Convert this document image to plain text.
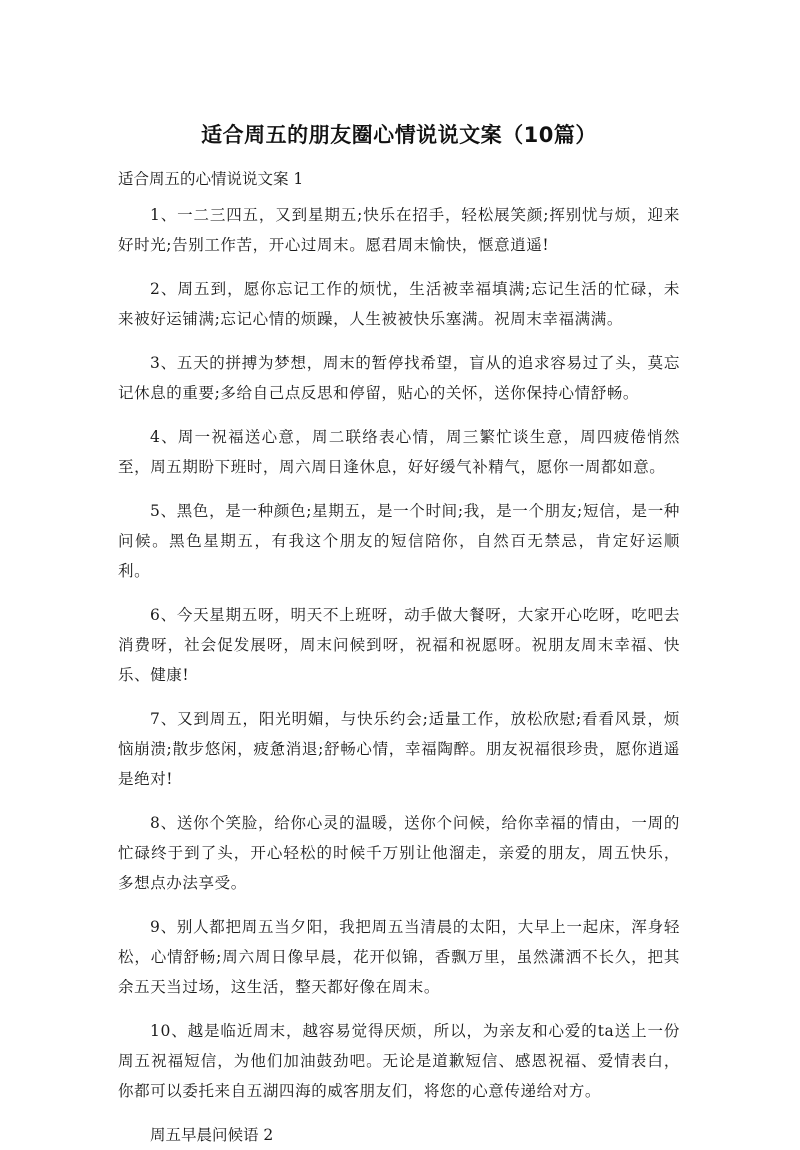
适合周五的朋友圈心情说说文案（10篇）

适合周五的心情说说文案 1

1、一二三四五，又到星期五;快乐在招手，轻松展笑颜;挥别忧与烦，迎来好时光;告别工作苦，开心过周末。愿君周末愉快，惬意逍遥!
2、周五到，愿你忘记工作的烦忧，生活被幸福填满;忘记生活的忙碌，未来被好运铺满;忘记心情的烦躁，人生被被快乐塞满。祝周末幸福满满。
3、五天的拼搏为梦想，周末的暂停找希望，盲从的追求容易过了头，莫忘记休息的重要;多给自己点反思和停留，贴心的关怀，送你保持心情舒畅。
4、周一祝福送心意，周二联络表心情，周三繁忙谈生意，周四疲倦悄然至，周五期盼下班时，周六周日逢休息，好好缓气补精气，愿你一周都如意。
5、黑色，是一种颜色;星期五，是一个时间;我，是一个朋友;短信，是一种问候。黑色星期五，有我这个朋友的短信陪你，自然百无禁忌，肯定好运顺利。
6、今天星期五呀，明天不上班呀，动手做大餐呀，大家开心吃呀，吃吧去消费呀，社会促发展呀，周末问候到呀，祝福和祝愿呀。祝朋友周末幸福、快乐、健康!
7、又到周五，阳光明媚，与快乐约会;适量工作，放松欣慰;看看风景，烦恼崩溃;散步悠闲，疲惫消退;舒畅心情，幸福陶醉。朋友祝福很珍贵，愿你逍遥是绝对!
8、送你个笑脸，给你心灵的温暖，送你个问候，给你幸福的情由，一周的忙碌终于到了头，开心轻松的时候千万别让他溜走，亲爱的朋友，周五快乐，多想点办法享受。
9、别人都把周五当夕阳，我把周五当清晨的太阳，大早上一起床，浑身轻松，心情舒畅;周六周日像早晨，花开似锦，香飘万里，虽然潇洒不长久，把其余五天当过场，这生活，整天都好像在周末。
10、越是临近周末，越容易觉得厌烦，所以，为亲友和心爱的ta送上一份周五祝福短信，为他们加油鼓劲吧。无论是道歉短信、感恩祝福、爱情表白，你都可以委托来自五湖四海的威客朋友们，将您的心意传递给对方。

周五早晨问候语 2
